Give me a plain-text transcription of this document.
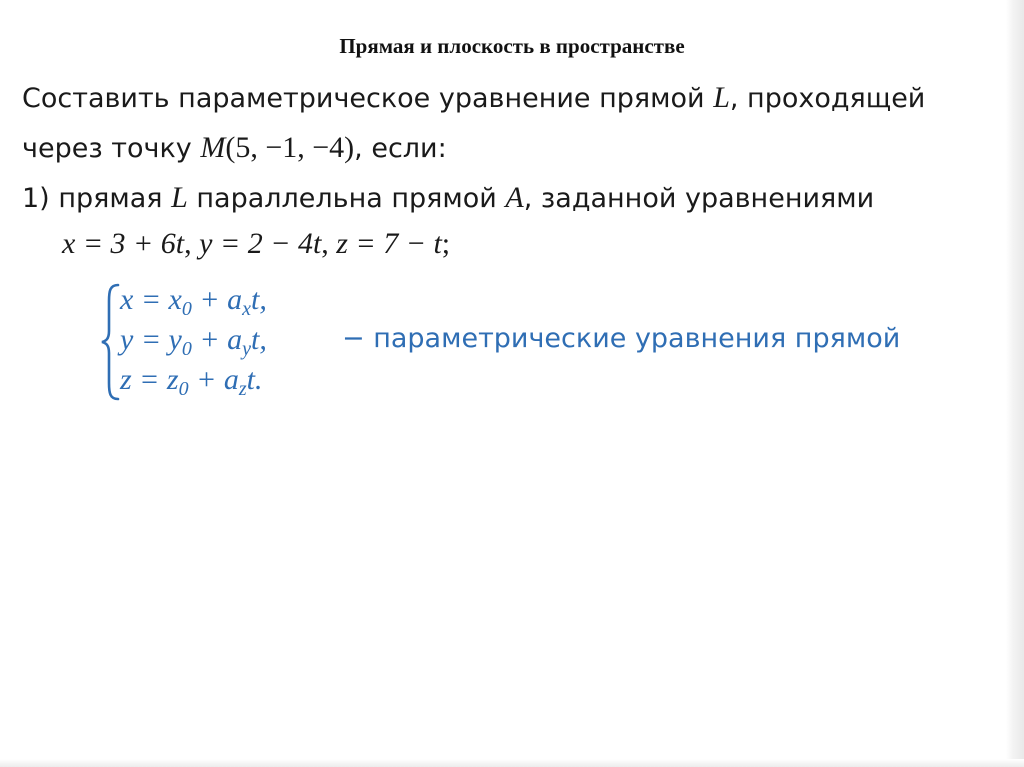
Прямая и плоскость в пространстве
Составить параметрическое уравнение прямой L, проходящей
через точку M(5, −1, −4), если:
1) прямая L параллельна прямой A, заданной уравнениями
x = 3 + 6t, y = 2 − 4t, z = 7 − t;
$x = x_0 + a_xt$,
$y = y_0 + a_yt$,
$z = z_0 + a_zt$.
− параметрические уравнения прямой
